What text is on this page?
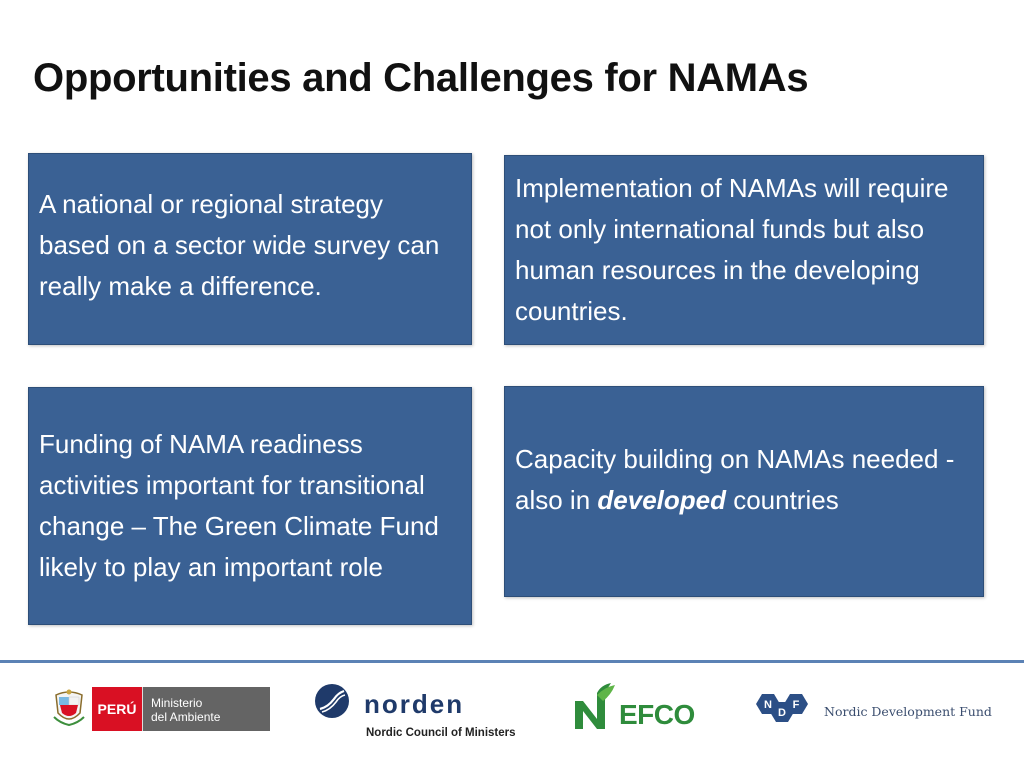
Opportunities and Challenges for NAMAs
A national or regional strategy based on a sector wide survey can really make a difference.
Implementation of NAMAs will require not only international funds but also human resources in the developing countries.
Funding of NAMA readiness activities important for transitional change – The Green Climate Fund likely to play an important role
Capacity building on NAMAs needed - also in developed countries
PERÚ	Ministerio
del Ambiente	norden
Nordic Council of Ministers
EFCO	N
D
F Nordic Development Fund
